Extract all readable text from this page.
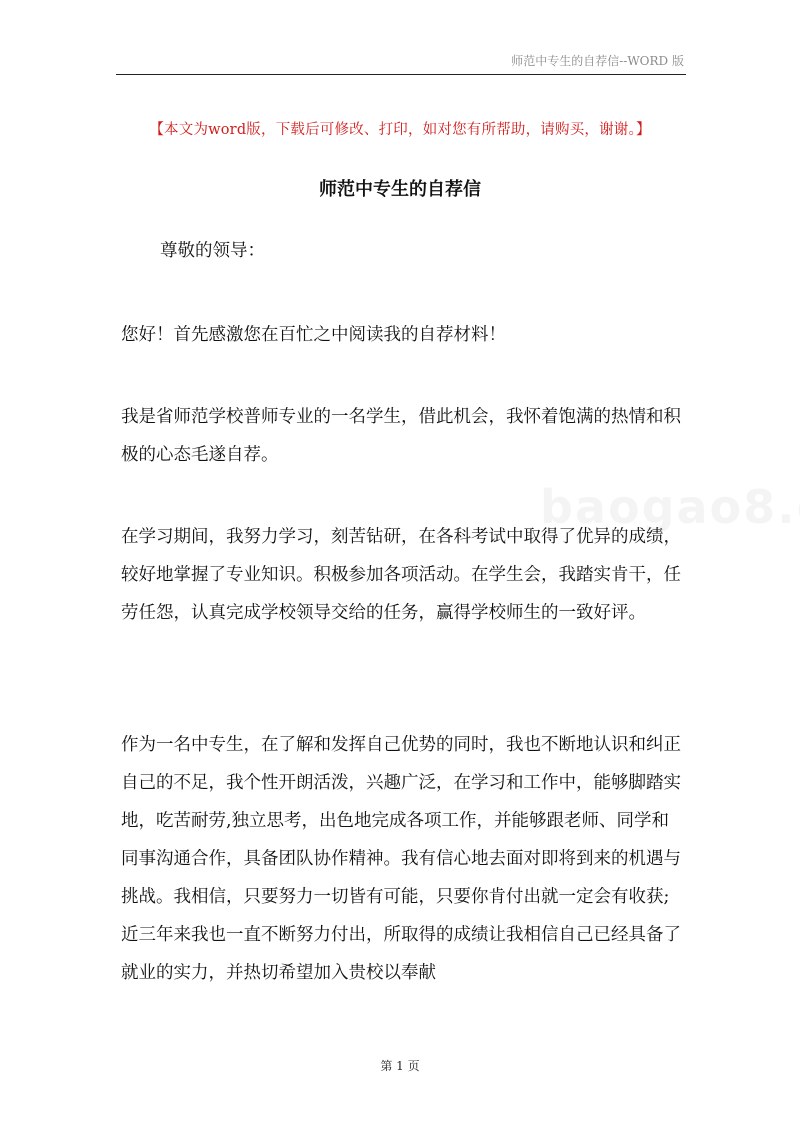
师范中专生的自荐信--WORD 版
【本文为word版，下载后可修改、打印，如对您有所帮助，请购买，谢谢。】
师范中专生的自荐信
尊敬的领导：
您好！首先感激您在百忙之中阅读我的自荐材料！
我是省师范学校普师专业的一名学生，借此机会，我怀着饱满的热情和积极的心态毛遂自荐。
在学习期间，我努力学习，刻苦钻研，在各科考试中取得了优异的成绩，较好地掌握了专业知识。积极参加各项活动。在学生会，我踏实肯干，任劳任怨，认真完成学校领导交给的任务，赢得学校师生的一致好评。
作为一名中专生，在了解和发挥自己优势的同时，我也不断地认识和纠正自己的不足，我个性开朗活泼，兴趣广泛，在学习和工作中，能够脚踏实地，吃苦耐劳,独立思考，出色地完成各项工作，并能够跟老师、同学和同事沟通合作，具备团队协作精神。我有信心地去面对即将到来的机遇与挑战。我相信，只要努力一切皆有可能，只要你肯付出就一定会有收获;近三年来我也一直不断努力付出，所取得的成绩让我相信自己已经具备了就业的实力，并热切希望加入贵校以奉献
第 1 页
